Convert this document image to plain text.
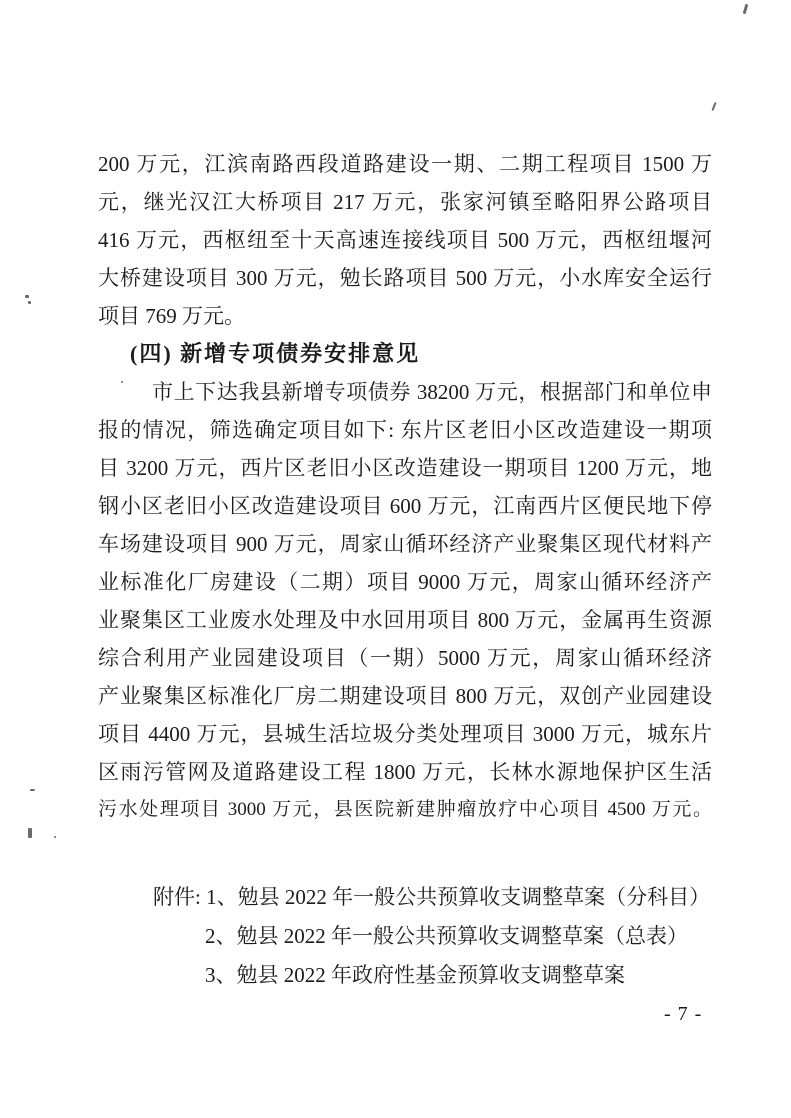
200 万元，江滨南路西段道路建设一期、二期工程项目 1500 万
元，继光汉江大桥项目 217 万元，张家河镇至略阳界公路项目
416 万元，西枢纽至十天高速连接线项目 500 万元，西枢纽堰河
大桥建设项目 300 万元，勉长路项目 500 万元，小水库安全运行
项目 769 万元。
(四) 新增专项债券安排意见
市上下达我县新增专项债券 38200 万元，根据部门和单位申
报的情况，筛选确定项目如下: 东片区老旧小区改造建设一期项
目 3200 万元，西片区老旧小区改造建设一期项目 1200 万元，地
钢小区老旧小区改造建设项目 600 万元，江南西片区便民地下停
车场建设项目 900 万元，周家山循环经济产业聚集区现代材料产
业标准化厂房建设（二期）项目 9000 万元，周家山循环经济产
业聚集区工业废水处理及中水回用项目 800 万元，金属再生资源
综合利用产业园建设项目（一期）5000 万元，周家山循环经济
产业聚集区标准化厂房二期建设项目 800 万元，双创产业园建设
项目 4400 万元，县城生活垃圾分类处理项目 3000 万元，城东片
区雨污管网及道路建设工程 1800 万元，长林水源地保护区生活
污水处理项目 3000 万元，县医院新建肿瘤放疗中心项目 4500 万元。
附件: 1、勉县 2022 年一般公共预算收支调整草案（分科目）
2、勉县 2022 年一般公共预算收支调整草案（总表）
3、勉县 2022 年政府性基金预算收支调整草案
- 7 -
